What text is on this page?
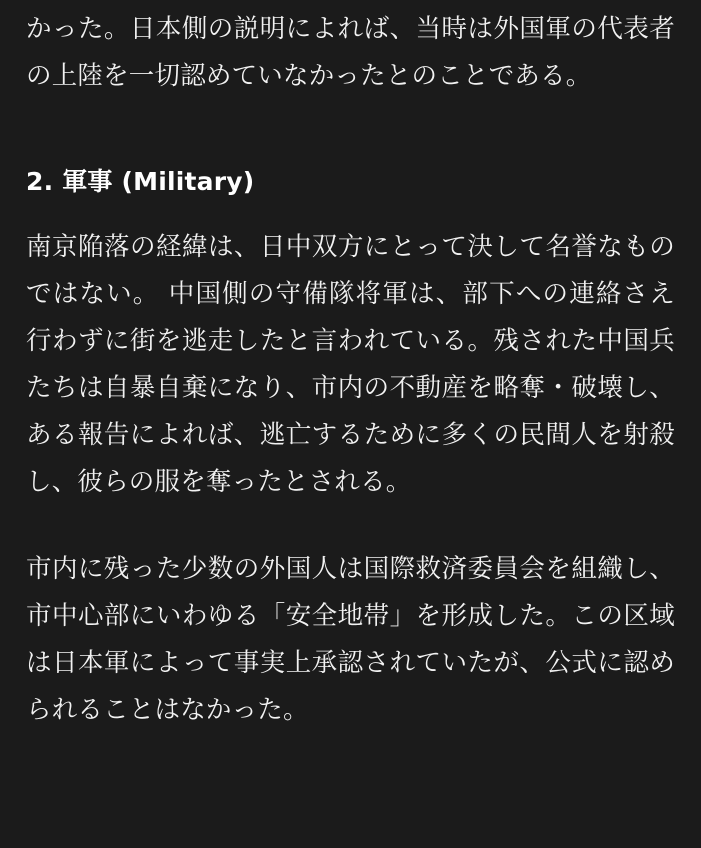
かった。日本側の説明によれば、当時は外国軍の代表者の上陸を一切認めていなかったとのことである。

2. 軍事 (Military)

南京陥落の経緯は、日中双方にとって決して名誉なものではない。 中国側の守備隊将軍は、部下への連絡さえ行わずに街を逃走したと言われている。残された中国兵たちは自暴自棄になり、市内の不動産を略奪・破壊し、ある報告によれば、逃亡するために多くの民間人を射殺し、彼らの服を奪ったとされる。

市内に残った少数の外国人は国際救済委員会を組織し、市中心部にいわゆる「安全地帯」を形成した。この区域は日本軍によって事実上承認されていたが、公式に認められることはなかった。
